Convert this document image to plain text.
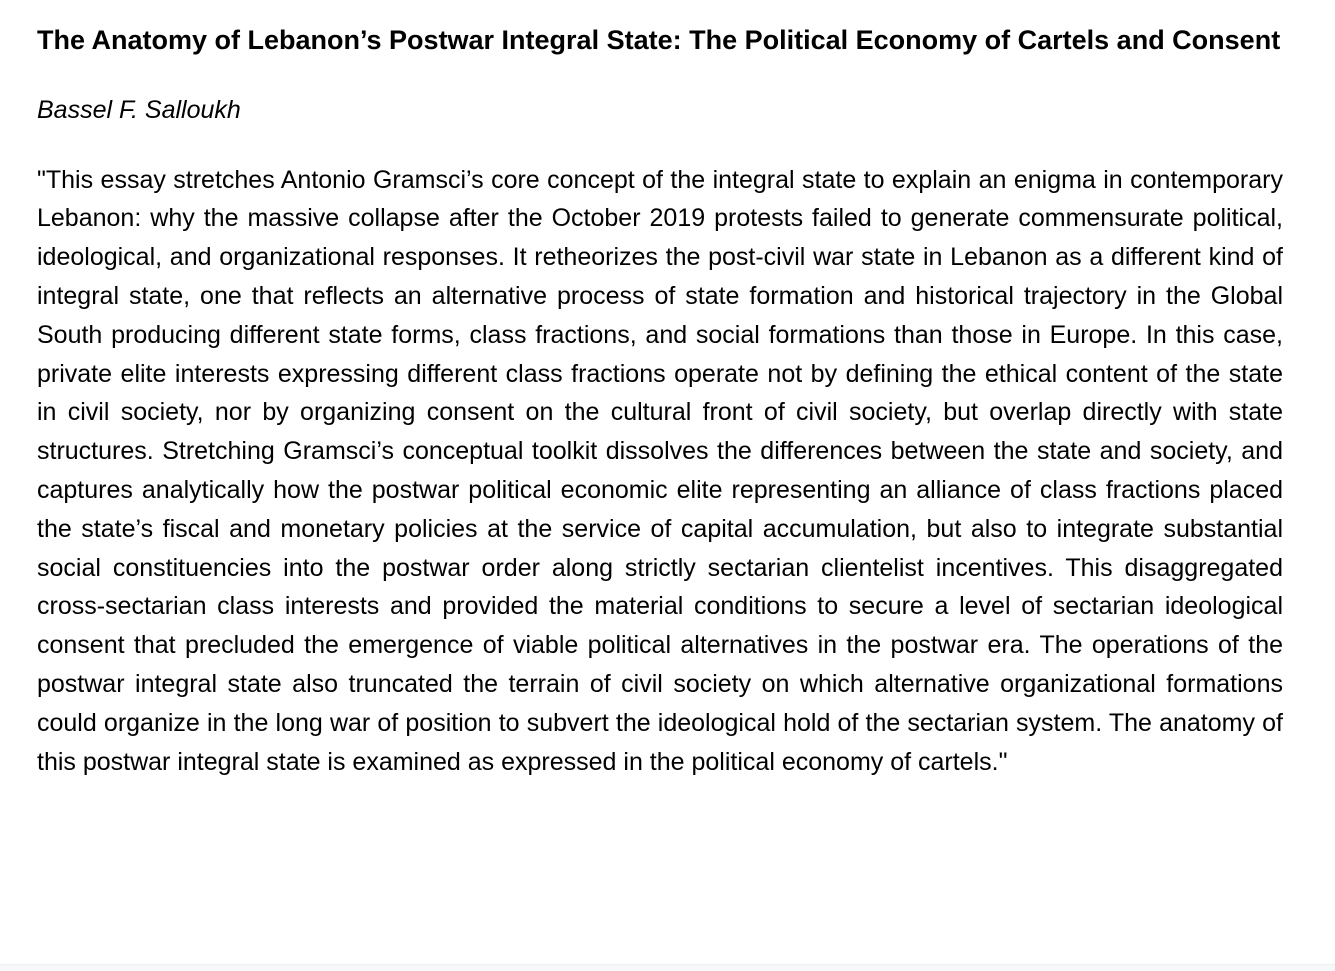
The Anatomy of Lebanon’s Postwar Integral State: The Political Economy of Cartels and Consent

Bassel F. Salloukh

"This essay stretches Antonio Gramsci’s core concept of the integral state to explain an enigma in contemporary Lebanon: why the massive collapse after the October 2019 protests failed to generate commensurate political, ideological, and organizational responses. It retheorizes the post-civil war state in Lebanon as a different kind of integral state, one that reflects an alternative process of state formation and historical trajectory in the Global South producing different state forms, class fractions, and social formations than those in Europe. In this case, private elite interests expressing different class fractions operate not by defining the ethical content of the state in civil society, nor by organizing consent on the cultural front of civil society, but overlap directly with state structures. Stretching Gramsci’s conceptual toolkit dissolves the differences between the state and society, and captures analytically how the postwar political economic elite representing an alliance of class fractions placed the state’s fiscal and monetary policies at the service of capital accumulation, but also to integrate substantial social constituencies into the postwar order along strictly sectarian clientelist incentives. This disaggregated cross-sectarian class interests and provided the material conditions to secure a level of sectarian ideological consent that precluded the emergence of viable political alternatives in the postwar era. The operations of the postwar integral state also truncated the terrain of civil society on which alternative organizational formations could organize in the long war of position to subvert the ideological hold of the sectarian system. The anatomy of this postwar integral state is examined as expressed in the political economy of cartels."
